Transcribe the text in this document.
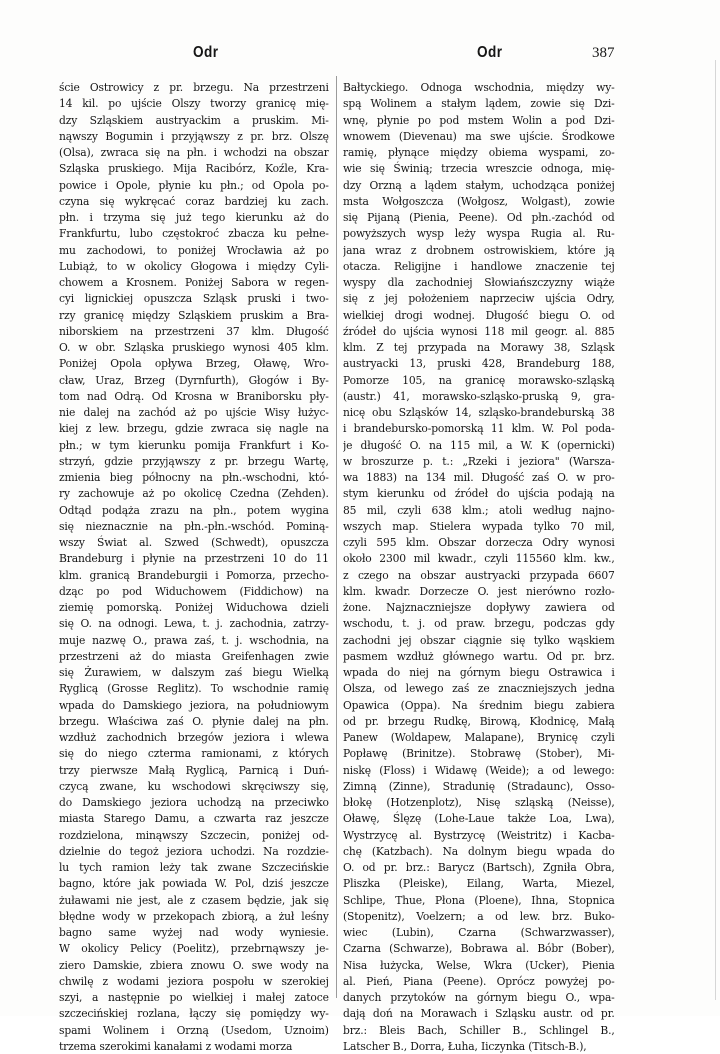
Odr	Odr	387
ście Ostrowicy z pr. brzegu. Na przestrzeni
14 kil. po ujście Olszy tworzy granicę mię-
dzy Szląskiem austryackim a pruskim. Mi-
nąwszy Bogumin i przyjąwszy z pr. brz. Olszę
(Olsa), zwraca się na płn. i wchodzi na obszar
Szląska pruskiego. Mija Racibórz, Koźle, Kra-
powice i Opole, płynie ku płn.; od Opola po-
czyna się wykręcać coraz bardziej ku zach.
płn. i trzyma się już tego kierunku aż do
Frankfurtu, lubo częstokroć zbacza ku pełne-
mu zachodowi, to poniżej Wrocławia aż po
Lubiąż, to w okolicy Głogowa i między Cyli-
chowem a Krosnem. Poniżej Sabora w regen-
cyi lignickiej opuszcza Szląsk pruski i two-
rzy granicę między Szląskiem pruskim a Bra-
niborskiem na przestrzeni 37 klm. Długość
O. w obr. Szląska pruskiego wynosi 405 klm.
Poniżej Opola opływa Brzeg, Oławę, Wro-
cław, Uraz, Brzeg (Dyrnfurth), Głogów i By-
tom nad Odrą. Od Krosna w Braniborsku pły-
nie dalej na zachód aż po ujście Wisy łużyc-
kiej z lew. brzegu, gdzie zwraca się nagle na
płn.; w tym kierunku pomija Frankfurt i Ko-
strzyń, gdzie przyjąwszy z pr. brzegu Wartę,
zmienia bieg północny na płn.-wschodni, któ-
ry zachowuje aż po okolicę Czedna (Zehden).
Odtąd podąża zrazu na płn., potem wygina
się nieznacznie na płn.-płn.-wschód. Pominą-
wszy Świat al. Szwed (Schwedt), opuszcza
Brandeburg i płynie na przestrzeni 10 do 11
klm. granicą Brandeburgii i Pomorza, przecho-
dząc po pod Widuchowem (Fiddichow) na
ziemię pomorską. Poniżej Widuchowa dzieli
się O. na odnogi. Lewa, t. j. zachodnia, zatrzy-
muje nazwę O., prawa zaś, t. j. wschodnia, na
przestrzeni aż do miasta Greifenhagen zwie
się Żurawiem, w dalszym zaś biegu Wielką
Ryglicą (Grosse Reglitz). To wschodnie ramię
wpada do Damskiego jeziora, na południowym
brzegu. Właściwa zaś O. płynie dalej na płn.
wzdłuż zachodnich brzegów jeziora i wlewa
się do niego czterma ramionami, z których
trzy pierwsze Małą Ryglicą, Parnicą i Duń-
czycą zwane, ku wschodowi skręciwszy się,
do Damskiego jeziora uchodzą na przeciwko
miasta Starego Damu, a czwarta raz jeszcze
rozdzielona, minąwszy Szczecin, poniżej od-
dzielnie do tegoż jeziora uchodzi. Na rozdzie-
lu tych ramion leży tak zwane Szczecińskie
bagno, które jak powiada W. Pol, dziś jeszcze
żuławami nie jest, ale z czasem będzie, jak się
błędne wody w przekopach zbiorą, a żuł leśny
bagno same wyżej nad wody wyniesie.
W okolicy Pelicy (Poelitz), przebrnąwszy je-
ziero Damskie, zbiera znowu O. swe wody na
chwilę z wodami jeziora pospołu w szerokiej
szyi, a następnie po wielkiej i małej zatoce
szczecińskiej rozlana, łączy się pomiędzy wy-
spami Wolinem i Orzną (Usedom, Uznoim)
trzema szerokimi kanałami z wodami morza
Bałtyckiego. Odnoga wschodnia, między wy-
spą Wolinem a stałym lądem, zowie się Dzi-
wnę, płynie po pod mstem Wolin a pod Dzi-
wnowem (Dievenau) ma swe ujście. Środkowe
ramię, płynące między obiema wyspami, zo-
wie się Świnią; trzecia wreszcie odnoga, mię-
dzy Orzną a lądem stałym, uchodząca poniżej
msta Wołgoszcza (Wołgosz, Wolgast), zowie
się Pijaną (Pienia, Peene). Od płn.-zachód od
powyższych wysp leży wyspa Rugia al. Ru-
jana wraz z drobnem ostrowiskiem, które ją
otacza. Religijne i handlowe znaczenie tej
wyspy dla zachodniej Słowiańszczyzny wiąże
się z jej położeniem naprzeciw ujścia Odry,
wielkiej drogi wodnej. Długość biegu O. od
źródeł do ujścia wynosi 118 mil geogr. al. 885
klm. Z tej przypada na Morawy 38, Szląsk
austryacki 13, pruski 428, Brandeburg 188,
Pomorze 105, na granicę morawsko-szląską
(austr.) 41, morawsko-szląsko-pruską 9, gra-
nicę obu Szląsków 14, szląsko-brandeburską 38
i brandebursko-pomorską 11 klm. W. Pol poda-
je długość O. na 115 mil, a W. K (opernicki)
w broszurze p. t.: „Rzeki i jeziora" (Warsza-
wa 1883) na 134 mil. Długość zaś O. w pro-
stym kierunku od źródeł do ujścia podają na
85 mil, czyli 638 klm.; atoli według najno-
wszych map. Stielera wypada tylko 70 mil,
czyli 595 klm. Obszar dorzecza Odry wynosi
około 2300 mil kwadr., czyli 115560 klm. kw.,
z czego na obszar austryacki przypada 6607
klm. kwadr. Dorzecze O. jest nierówno rozło-
żone. Najznaczniejsze dopływy zawiera od
wschodu, t. j. od praw. brzegu, podczas gdy
zachodni jej obszar ciągnie się tylko wąskiem
pasmem wzdłuż głównego wartu. Od pr. brz.
wpada do niej na górnym biegu Ostrawica i
Olsza, od lewego zaś ze znaczniejszych jedna
Opawica (Oppa). Na średnim biegu zabiera
od pr. brzegu Rudkę, Birową, Kłodnicę, Małą
Panew (Woldapew, Malapane), Brynicę czyli
Popławę (Brinitze). Stobrawę (Stober), Mi-
niskę (Floss) i Widawę (Weide); a od lewego:
Zimną (Zinne), Stradunię (Stradaunc), Osso-
błokę (Hotzenplotz), Nisę szląską (Neisse),
Oławę, Ślęzę (Lohe-Laue także Loa, Lwa),
Wystrzycę al. Bystrzycę (Weistritz) i Kacba-
chę (Katzbach). Na dolnym biegu wpada do
O. od pr. brz.: Barycz (Bartsch), Zgniła Obra,
Pliszka (Pleiske), Eilang, Warta, Miezel,
Schlipe, Thue, Płona (Ploene), Ihna, Stopnica
(Stopenitz), Voelzern; a od lew. brz. Buko-
wiec (Lubin), Czarna (Schwarzwasser),
Czarna (Schwarze), Bobrawa al. Bóbr (Bober),
Nisa łużycka, Welse, Wkra (Ucker), Pienia
al. Pień, Piana (Peene). Oprócz powyżej po-
danych przytoków na górnym biegu O., wpa-
dają doń na Morawach i Szląsku austr. od pr.
brz.: Bleis Bach, Schiller B., Schlingel B.,
Latscher B., Dorra, Łuha, Iiczynka (Titsch-B.),
